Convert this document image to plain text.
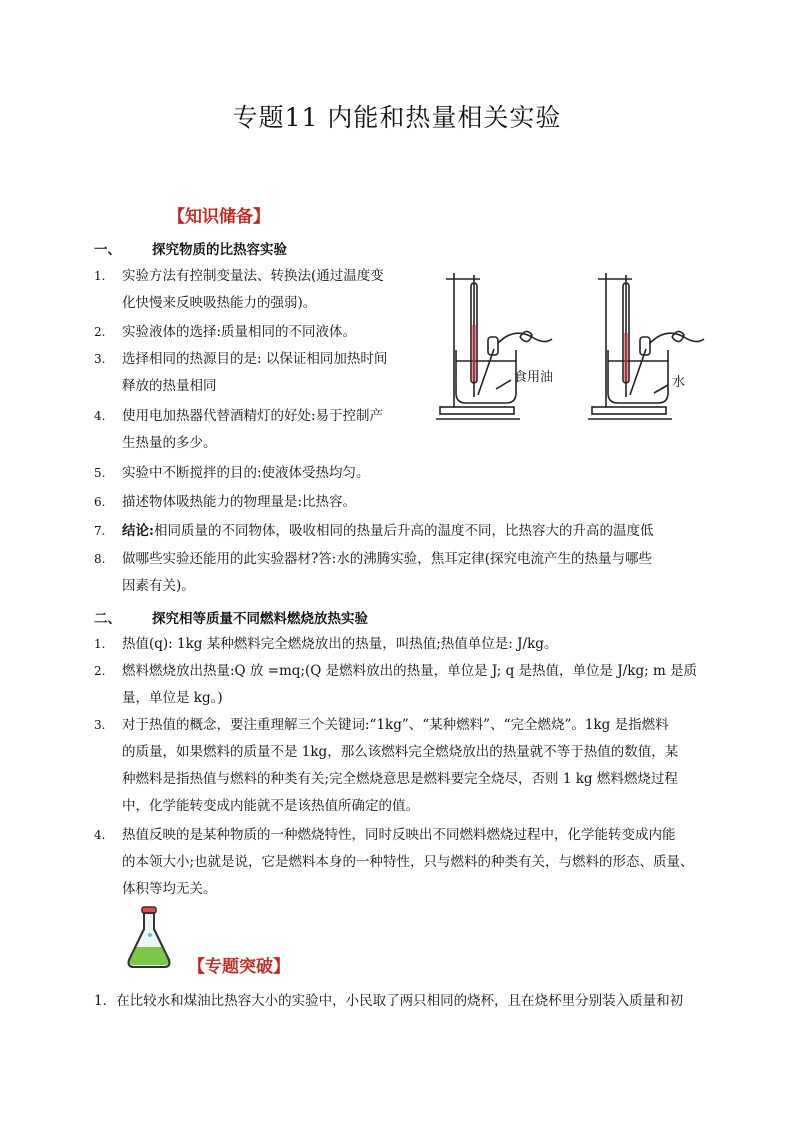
专题11 内能和热量相关实验
【知识储备】
一、 探究物质的比热容实验
1.	实验方法有控制变量法、转换法(通过温度变
化快慢来反映吸热能力的强弱)。
2.	实验液体的选择:质量相同的不同液体。
3.	选择相同的热源目的是: 以保证相同加热时间
释放的热量相同
4.	使用电加热器代替酒精灯的好处:易于控制产
生热量的多少。
5.	实验中不断搅拌的目的:使液体受热均匀。
6.	描述物体吸热能力的物理量是:比热容。
7.	结论:相同质量的不同物体，吸收相同的热量后升高的温度不同，比热容大的升高的温度低
8.	做哪些实验还能用的此实验器材?答:水的沸腾实验，焦耳定律(探究电流产生的热量与哪些
因素有关)。
食用油	水
二、 探究相等质量不同燃料燃烧放热实验
1.	热值(q): 1kg 某种燃料完全燃烧放出的热量，叫热值;热值单位是: J/kg。
2.	燃料燃烧放出热量:Q 放 =mq;(Q 是燃料放出的热量，单位是 J; q 是热值，单位是 J/kg; m 是质
量，单位是 kg。)
3.	对于热值的概念，要注重理解三个关键词:“1kg”、“某种燃料”、“完全燃烧”。1kg 是指燃料
的质量，如果燃料的质量不是 1kg，那么该燃料完全燃烧放出的热量就不等于热值的数值，某
种燃料是指热值与燃料的种类有关;完全燃烧意思是燃料要完全烧尽，否则 1 kg 燃料燃烧过程
中，化学能转变成内能就不是该热值所确定的值。
4.	热值反映的是某种物质的一种燃烧特性，同时反映出不同燃料燃烧过程中，化学能转变成内能
的本领大小;也就是说，它是燃料本身的一种特性，只与燃料的种类有关，与燃料的形态、质量、
体积等均无关。
【专题突破】
1．在比较水和煤油比热容大小的实验中，小民取了两只相同的烧杯，且在烧杯里分别装入质量和初
